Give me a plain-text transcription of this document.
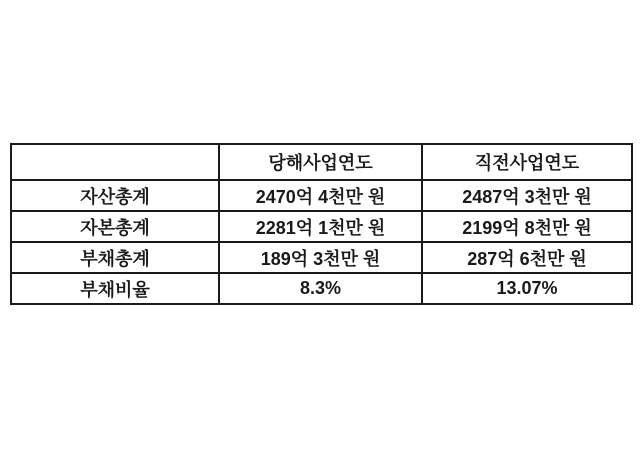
	당해사업연도	직전사업연도
자산총계	2470억 4천만 원	2487억 3천만 원
자본총계	2281억 1천만 원	2199억 8천만 원
부채총계	189억 3천만 원	287억 6천만 원
부채비율	8.3%	13.07%
